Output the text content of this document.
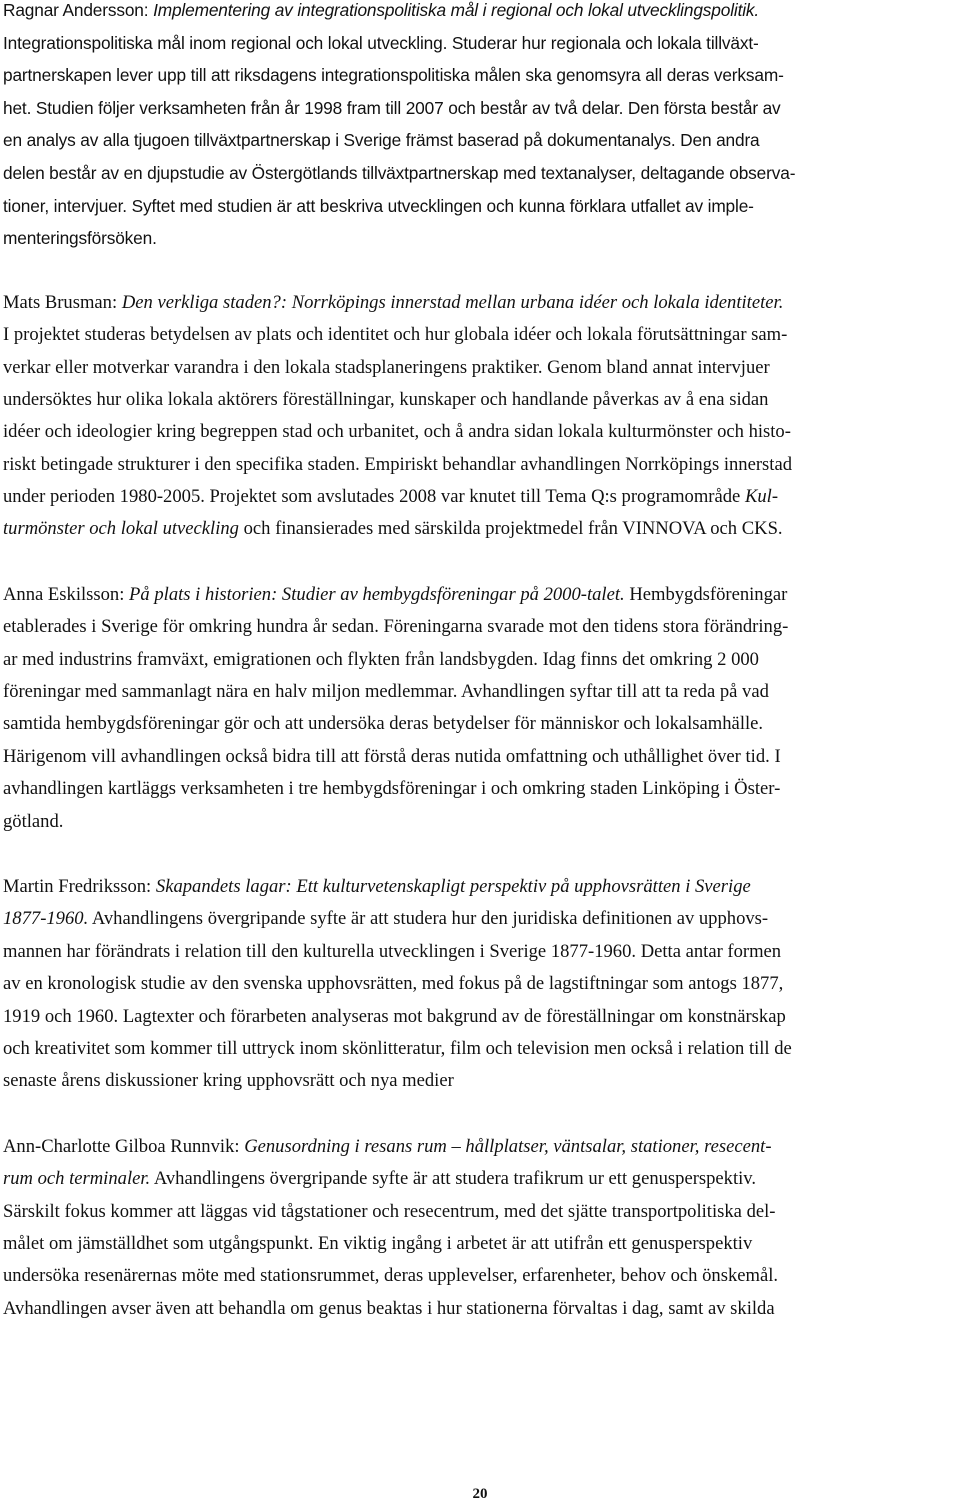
Ragnar Andersson: Implementering av integrationspolitiska mål i regional och lokal utvecklingspolitik.
Integrationspolitiska mål inom regional och lokal utveckling. Studerar hur regionala och lokala tillväxt-
partnerskapen lever upp till att riksdagens integrationspolitiska målen ska genomsyra all deras verksam-
het. Studien följer verksamheten från år 1998 fram till 2007 och består av två delar. Den första består av
en analys av alla tjugoen tillväxtpartnerskap i Sverige främst baserad på dokumentanalys. Den andra
delen består av en djupstudie av Östergötlands tillväxtpartnerskap med textanalyser, deltagande observa-
tioner, intervjuer. Syftet med studien är att beskriva utvecklingen och kunna förklara utfallet av imple-
menteringsförsöken.
Mats Brusman: Den verkliga staden?: Norrköpings innerstad mellan urbana idéer och lokala identiteter.
I projektet studeras betydelsen av plats och identitet och hur globala idéer och lokala förutsättningar sam-
verkar eller motverkar varandra i den lokala stadsplaneringens praktiker. Genom bland annat intervjuer
undersöktes hur olika lokala aktörers föreställningar, kunskaper och handlande påverkas av å ena sidan
idéer och ideologier kring begreppen stad och urbanitet, och å andra sidan lokala kulturmönster och histo-
riskt betingade strukturer i den specifika staden. Empiriskt behandlar avhandlingen Norrköpings innerstad
under perioden 1980-2005. Projektet som avslutades 2008 var knutet till Tema Q:s programområde Kul-
turmönster och lokal utveckling och finansierades med särskilda projektmedel från VINNOVA och CKS.
Anna Eskilsson: På plats i historien: Studier av hembygdsföreningar på 2000-talet. Hembygdsföreningar
etablerades i Sverige för omkring hundra år sedan. Föreningarna svarade mot den tidens stora förändring-
ar med industrins framväxt, emigrationen och flykten från landsbygden. Idag finns det omkring 2 000
föreningar med sammanlagt nära en halv miljon medlemmar. Avhandlingen syftar till att ta reda på vad
samtida hembygdsföreningar gör och att undersöka deras betydelser för människor och lokalsamhälle.
Härigenom vill avhandlingen också bidra till att förstå deras nutida omfattning och uthållighet över tid. I
avhandlingen kartläggs verksamheten i tre hembygdsföreningar i och omkring staden Linköping i Öster-
götland.
Martin Fredriksson: Skapandets lagar: Ett kulturvetenskapligt perspektiv på upphovsrätten i Sverige
1877-1960. Avhandlingens övergripande syfte är att studera hur den juridiska definitionen av upphovs-
mannen har förändrats i relation till den kulturella utvecklingen i Sverige 1877-1960. Detta antar formen
av en kronologisk studie av den svenska upphovsrätten, med fokus på de lagstiftningar som antogs 1877,
1919 och 1960. Lagtexter och förarbeten analyseras mot bakgrund av de föreställningar om konstnärskap
och kreativitet som kommer till uttryck inom skönlitteratur, film och television men också i relation till de
senaste årens diskussioner kring upphovsrätt och nya medier
Ann-Charlotte Gilboa Runnvik: Genusordning i resans rum – hållplatser, väntsalar, stationer, resecent-
rum och terminaler. Avhandlingens övergripande syfte är att studera trafikrum ur ett genusperspektiv.
Särskilt fokus kommer att läggas vid tågstationer och resecentrum, med det sjätte transportpolitiska del-
målet om jämställdhet som utgångspunkt. En viktig ingång i arbetet är att utifrån ett genusperspektiv
undersöka resenärernas möte med stationsrummet, deras upplevelser, erfarenheter, behov och önskemål.
Avhandlingen avser även att behandla om genus beaktas i hur stationerna förvaltas i dag, samt av skilda
20
